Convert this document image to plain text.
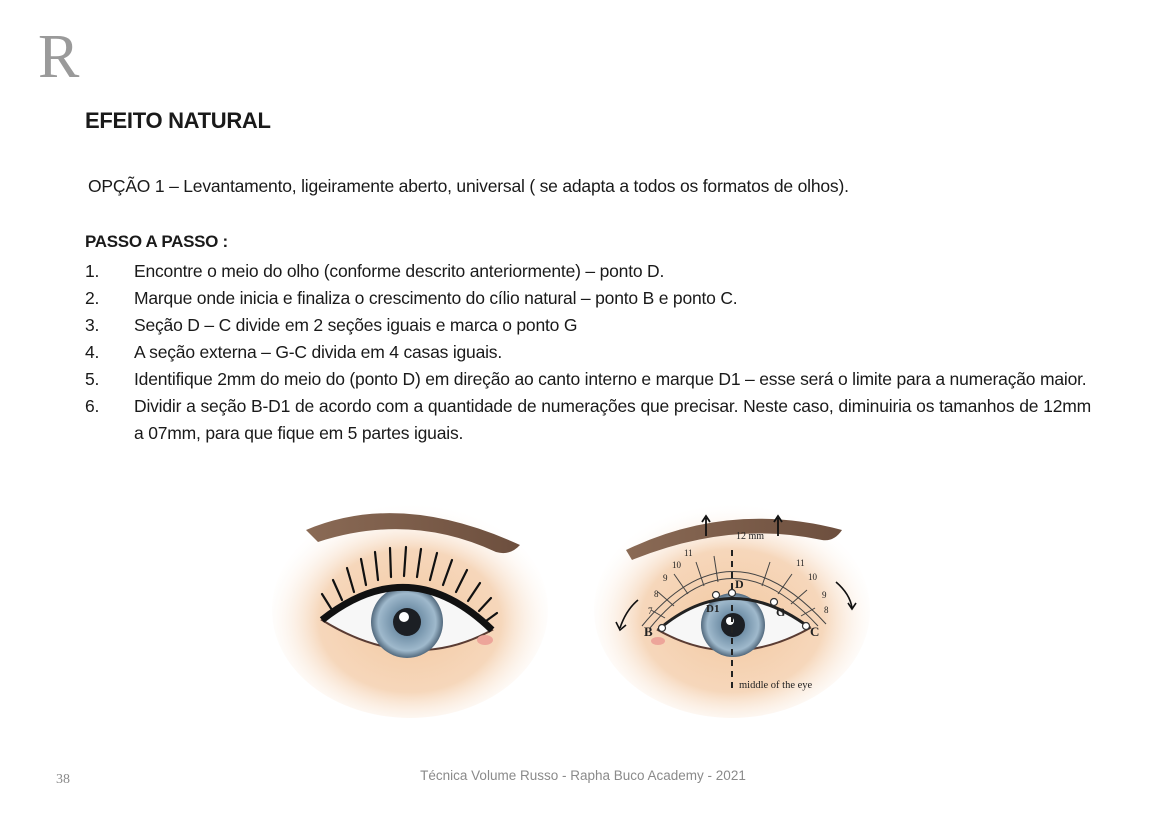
R
EFEITO NATURAL
OPÇÃO 1 – Levantamento, ligeiramente aberto, universal ( se adapta a todos os formatos de olhos).
PASSO A PASSO :
1. Encontre o meio do olho (conforme descrito anteriormente) – ponto D.
2. Marque onde inicia e finaliza o crescimento do cílio natural – ponto B e ponto C.
3. Seção D – C divide em 2 seções iguais e marca o ponto G
4. A seção externa – G-C divida em 4 casas iguais.
5. Identifique 2mm do meio do (ponto D) em direção ao canto interno e marque D1 – esse será o limite para a numeração maior.
6. Dividir a seção B-D1 de acordo com a quantidade de numerações que precisar. Neste caso, diminuiria os tamanhos de 12mm a 07mm, para que fique em 5 partes iguais.
12 mm
B	C
D
D1	G
7
8
9
10
11
11
10
9
8
middle of the eye
38	Técnica Volume Russo - Rapha Buco Academy - 2021
